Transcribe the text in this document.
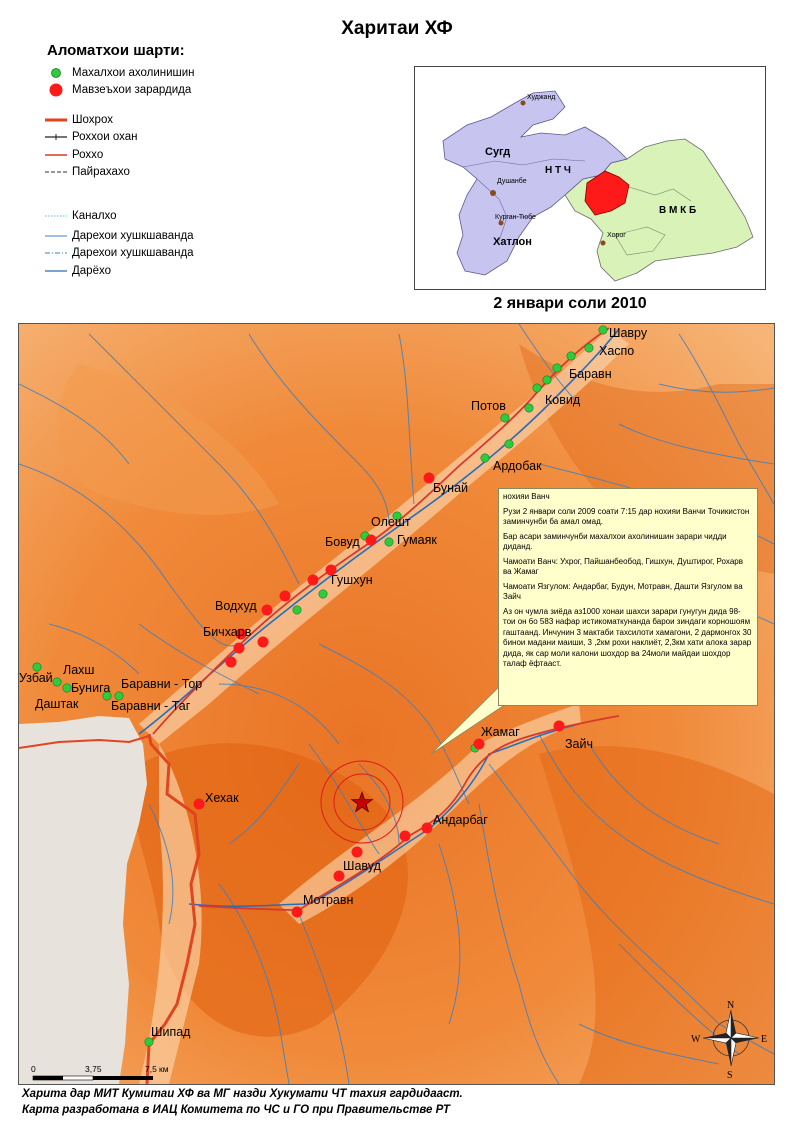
Харитаи ХФ
Аломатхои шарти:
Махалхои ахолинишин
Мавзеъхои зарардида
Шохрох
Роххои охан
Рохxо
Пайрахахо
Каналхо
Дарехои хушкшаванда
Дарехои хушкшаванда
Дарёхо
Худжанд
Душанбе
Курган-Тюбе
Хорог
Сугд
Н Т Ч
В М К Б
Хатлон
2 январи соли 2010
Шавру
Хаспо
Баравн
Ковид
Потов
Ардобак
Бунай
Олешт
Бовуд	Гумаяк
Гушхун
Водхуд
Бичхарв
Узбай
Лахш
Бунига
Даштак
Баравни - Тор
Баравни - Таг
Жамаг
Зайч
Хехак
Андарбаг
Шавуд
Мотравн
Шипад
0	3,75	7,5 км
N
S
E
W

нохияи Ванч

Рузи 2 январи соли 2009 соати 7:15 дар нохияи Ванчи Точикистон заминчунби ба амал омад.

Бар асари заминчунби махалхои ахолинишин зарари чидди диданд.

Чамоати Ванч: Ухрог, Пайшанбеобод, Гишхун, Душтирог, Рохарв ва Жамаг

Чамоати Язгулом: Андарбаг, Будун, Мотравн, Дашти Язгулом ва Зайч

Аз он чумла зиёда аз1000 хонаи шахси зарари гунугун дида 98-тои он 6о 583 нафар истикоматкунанда барои зиндаги корношоям гаштаанд. Инчунин 3 мактаби тахсилоти хамагони, 2 дармонгох 30 бинои мадани маиши, 3 ,2км рохи наклиёт, 2,3км хати алока зарар дида, як сар моли калони шохдор ва 24моли майдаи шохдор талаф ёфтааст.

Харита дар МИТ Кумитаи ХФ ва МГ назди Хукумати ЧТ тахия гардидааст.
Карта разработана в ИАЦ Комитета по ЧС и ГО при Правительстве РТ
